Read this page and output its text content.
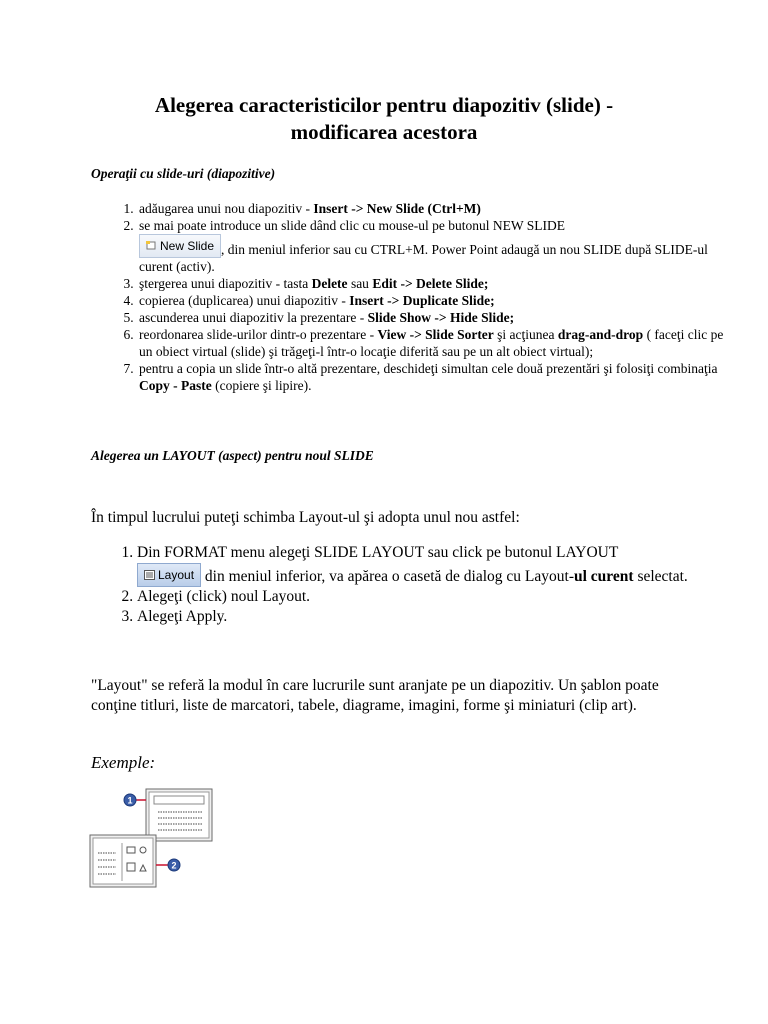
Alegerea caracteristicilor pentru diapozitiv (slide) -
modificarea acestora
Operaţii cu slide-uri (diapozitive)
1. adăugarea unui nou diapozitiv - Insert -> New Slide (Ctrl+M)
2. se mai poate introduce un slide dând clic cu mouse-ul pe butonul NEW SLIDE

New Slide , din meniul inferior sau cu CTRL+M. Power Point adaugă un nou SLIDE după SLIDE-ul curent (activ).
3. ştergerea unui diapozitiv - tasta Delete sau Edit -> Delete Slide;
4. copierea (duplicarea) unui diapozitiv - Insert -> Duplicate Slide;
5. ascunderea unui diapozitiv la prezentare - Slide Show -> Hide Slide;
6. reordonarea slide-urilor dintr-o prezentare - View -> Slide Sorter şi acţiunea drag-and-drop ( faceţi clic pe un obiect virtual (slide) şi trăgeţi-l într-o locaţie diferită sau pe un alt obiect virtual);
7. pentru a copia un slide într-o altă prezentare, deschideţi simultan cele două prezentări şi folosiţi combinaţia Copy - Paste (copiere şi lipire).
Alegerea un LAYOUT (aspect) pentru noul SLIDE
În timpul lucrului puteţi schimba Layout-ul şi adopta unul nou astfel:
1. Din FORMAT menu alegeţi SLIDE LAYOUT sau click pe butonul LAYOUT

Layout din meniul inferior, va apărea o casetă de dialog cu Layout-ul curent selectat.
2. Alegeţi (click) noul Layout.
3. Alegeţi Apply.
"Layout" se referă la modul în care lucrurile sunt aranjate pe un diapozitiv. Un şablon poate conţine titluri, liste de marcatori, tabele, diagrame, imagini, forme şi miniaturi (clip art).
Exemple:
1
2
